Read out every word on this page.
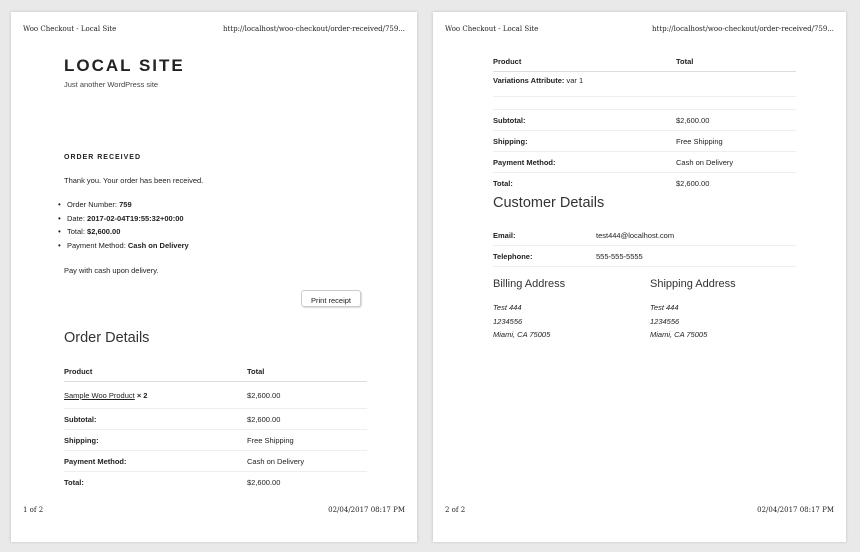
Woo Checkout - Local Site	http://localhost/woo-checkout/order-received/759...
LOCAL SITE
Just another WordPress site
ORDER RECEIVED
Thank you. Your order has been received.
• Order Number: 759
• Date: 2017-02-04T19:55:32+00:00
• Total: $2,600.00
• Payment Method: Cash on Delivery
Pay with cash upon delivery.
Print receipt
Order Details
Product	Total
Sample Woo Product × 2	$2,600.00
Subtotal:	$2,600.00
Shipping:	Free Shipping
Payment Method:	Cash on Delivery
Total:	$2,600.00
1 of 2	02/04/2017 08:17 PM
Woo Checkout - Local Site	http://localhost/woo-checkout/order-received/759...
Product	Total
Variations Attribute: var 1	

Subtotal:	$2,600.00
Shipping:	Free Shipping
Payment Method:	Cash on Delivery
Total:	$2,600.00
Customer Details
Email:	test444@localhost.com
Telephone:	555-555-5555
Billing Address

Test 444
1234556
Miami, CA 75005

Shipping Address

Test 444
1234556
Miami, CA 75005

2 of 2	02/04/2017 08:17 PM
